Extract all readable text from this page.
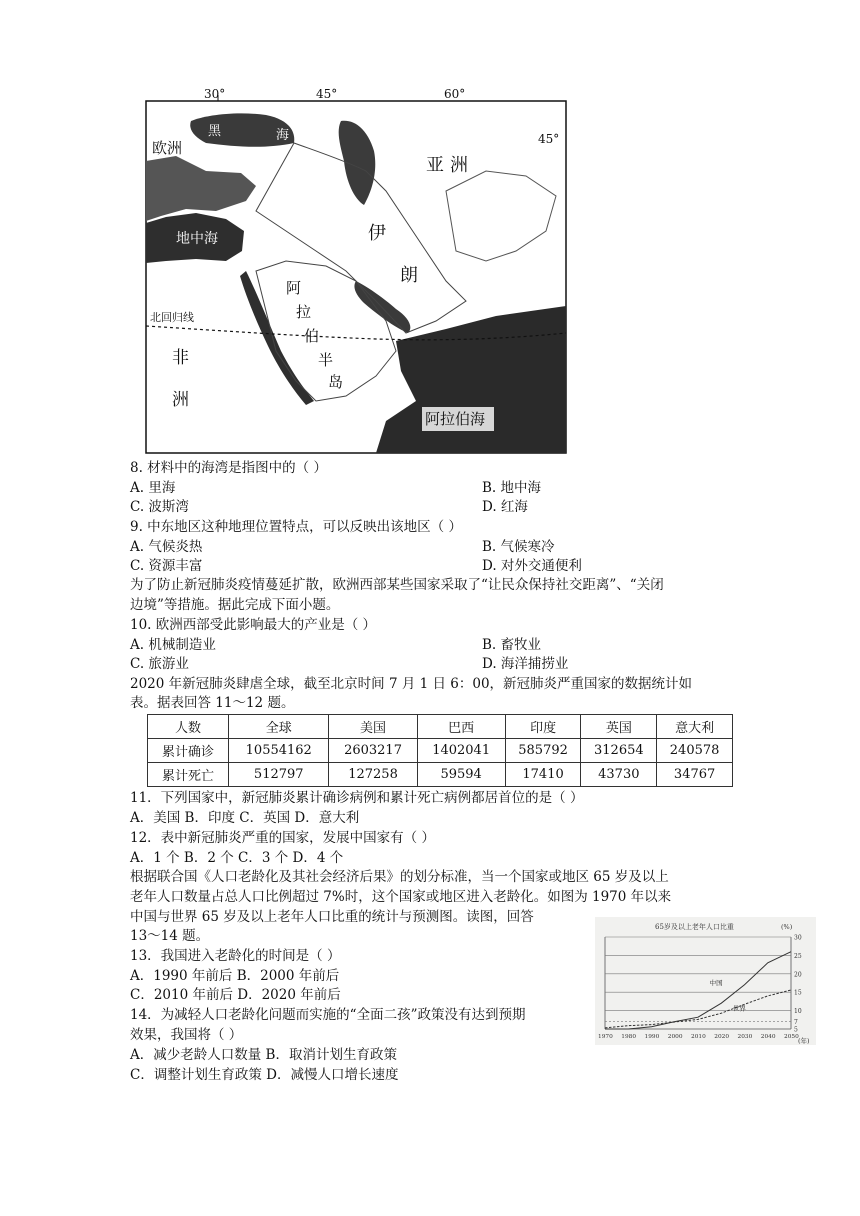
30°	45°	60°
45°
欧洲
黑	海
亚洲
地中海	伊
朗
阿
拉
伯
半
岛
北回归线
非
洲
阿拉伯海
8. 材料中的海湾是指图中的（ ）
A. 里海	B. 地中海
C. 波斯湾	D. 红海
9. 中东地区这种地理位置特点，可以反映出该地区（ ）
A. 气候炎热	B. 气候寒冷
C. 资源丰富	D. 对外交通便利
为了防止新冠肺炎疫情蔓延扩散，欧洲西部某些国家采取了“让民众保持社交距离”、“关闭
边境”等措施。据此完成下面小题。
10. 欧洲西部受此影响最大的产业是（ ）
A. 机械制造业	B. 畜牧业
C. 旅游业	D. 海洋捕捞业
2020 年新冠肺炎肆虐全球，截至北京时间 7 月 1 日 6：00，新冠肺炎严重国家的数据统计如
表。据表回答 11～12 题。
人数	全球	美国	巴西	印度	英国	意大利
累计确诊	10554162	2603217	1402041	585792	312654	240578
累计死亡	512797	127258	59594	17410	43730	34767
11．下列国家中，新冠肺炎累计确诊病例和累计死亡病例都居首位的是（ ）
A．美国 B．印度 C．英国 D．意大利
12．表中新冠肺炎严重的国家，发展中国家有（ ）
A．1 个 B．2 个 C．3 个 D．4 个
根据联合国《人口老龄化及其社会经济后果》的划分标准，当一个国家或地区 65 岁及以上
老年人口数量占总人口比例超过 7%时，这个国家或地区进入老龄化。如图为 1970 年以来
中国与世界 65 岁及以上老年人口比重的统计与预测图。读图，回答
13～14 题。
13．我国进入老龄化的时间是（ ）
A．1990 年前后 B．2000 年前后
C．2010 年前后 D．2020 年前后
14．为减轻人口老龄化问题而实施的“全面二孩”政策没有达到预期
效果，我国将（ ）
A．减少老龄人口数量 B．取消计划生育政策
C．调整计划生育政策 D．减慢人口增长速度
65岁及以上老年人口比重	(%)
(年)
5
7
10
15
20
25
30
1970 1980 1990 2000 2010 2020 2030 2040 2050
中国
世界
